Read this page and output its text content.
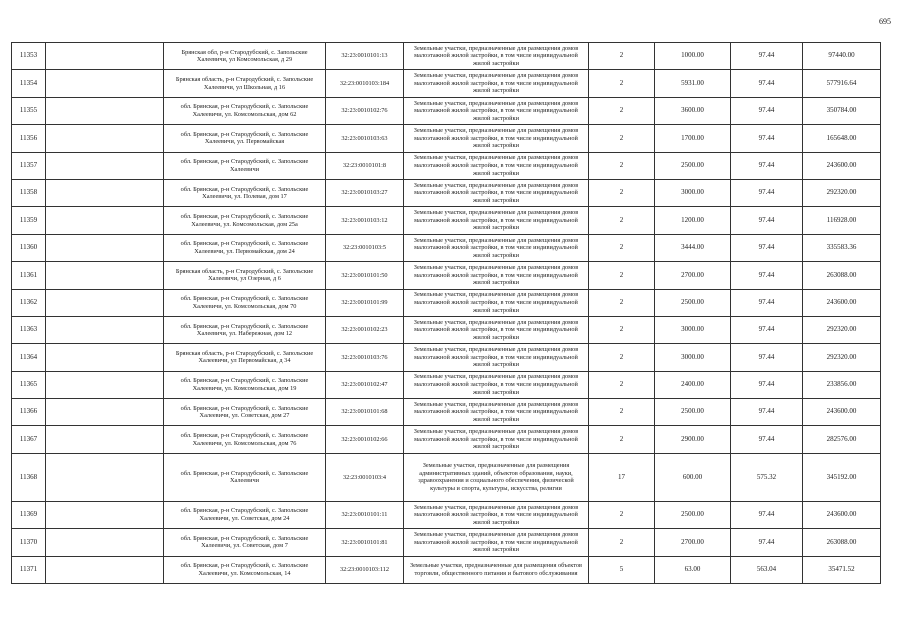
695
11353		Брянская обл, р-н Стародубский, с. Запольские Халеевичи, ул Комсомольская, д 29	32:23:0010101:13	Земельные участки, предназначенные для размещения домов малоэтажной жилой застройки, в том числе индивидуальной жилой застройки	2	1000.00	97.44	97440.00
11354		Брянская область, р-н Стародубский, с. Запольские Халеевичи, ул Школьная, д 16	32:23:0010103:184	Земельные участки, предназначенные для размещения домов малоэтажной жилой застройки, в том числе индивидуальной жилой застройки	2	5931.00	97.44	577916.64
11355		обл. Брянская, р-н Стародубский, с. Запольские Халеевичи, ул. Комсомольская, дом 62	32:23:0010102:76	Земельные участки, предназначенные для размещения домов малоэтажной жилой застройки, в том числе индивидуальной жилой застройки	2	3600.00	97.44	350784.00
11356		обл. Брянская, р-н Стародубский, с. Запольские Халеевичи, ул. Первомайская	32:23:0010103:63	Земельные участки, предназначенные для размещения домов малоэтажной жилой застройки, в том числе индивидуальной жилой застройки	2	1700.00	97.44	165648.00
11357		обл. Брянская, р-н Стародубский, с. Запольские Халеевичи	32:23:0010101:8	Земельные участки, предназначенные для размещения домов малоэтажной жилой застройки, в том числе индивидуальной жилой застройки	2	2500.00	97.44	243600.00
11358		обл. Брянская, р-н Стародубский, с. Запольские Халеевичи, ул. Полевая, дом 17	32:23:0010103:27	Земельные участки, предназначенные для размещения домов малоэтажной жилой застройки, в том числе индивидуальной жилой застройки	2	3000.00	97.44	292320.00
11359		обл. Брянская, р-н Стародубский, с. Запольские Халеевичи, ул. Комсомольская, дом 25а	32:23:0010103:12	Земельные участки, предназначенные для размещения домов малоэтажной жилой застройки, в том числе индивидуальной жилой застройки	2	1200.00	97.44	116928.00
11360		обл. Брянская, р-н Стародубский, с. Запольские Халеевичи, ул. Первомайская, дом 24	32:23:0010103:5	Земельные участки, предназначенные для размещения домов малоэтажной жилой застройки, в том числе индивидуальной жилой застройки	2	3444.00	97.44	335583.36
11361		Брянская область, р-н Стародубский, с. Запольские Халеевичи, ул Озерная, д 6	32:23:0010101:50	Земельные участки, предназначенные для размещения домов малоэтажной жилой застройки, в том числе индивидуальной жилой застройки	2	2700.00	97.44	263088.00
11362		обл. Брянская, р-н Стародубский, с. Запольские Халеевичи, ул. Комсомольская, дом 70	32:23:0010101:99	Земельные участки, предназначенные для размещения домов малоэтажной жилой застройки, в том числе индивидуальной жилой застройки	2	2500.00	97.44	243600.00
11363		обл. Брянская, р-н Стародубский, с. Запольские Халеевичи, ул. Набережная, дом 12	32:23:0010102:23	Земельные участки, предназначенные для размещения домов малоэтажной жилой застройки, в том числе индивидуальной жилой застройки	2	3000.00	97.44	292320.00
11364		Брянская область, р-н Стародубский, с. Запольские Халеевичи, ул Первомайская, д 34	32:23:0010103:76	Земельные участки, предназначенные для размещения домов малоэтажной жилой застройки, в том числе индивидуальной жилой застройки	2	3000.00	97.44	292320.00
11365		обл. Брянская, р-н Стародубский, с. Запольские Халеевичи, ул. Комсомольская, дом 19	32:23:0010102:47	Земельные участки, предназначенные для размещения домов малоэтажной жилой застройки, в том числе индивидуальной жилой застройки	2	2400.00	97.44	233856.00
11366		обл. Брянская, р-н Стародубский, с. Запольские Халеевичи, ул. Советская, дом 27	32:23:0010101:68	Земельные участки, предназначенные для размещения домов малоэтажной жилой застройки, в том числе индивидуальной жилой застройки	2	2500.00	97.44	243600.00
11367		обл. Брянская, р-н Стародубский, с. Запольские Халеевичи, ул. Комсомольская, дом 76	32:23:0010102:66	Земельные участки, предназначенные для размещения домов малоэтажной жилой застройки, в том числе индивидуальной жилой застройки	2	2900.00	97.44	282576.00
11368		обл. Брянская, р-н Стародубский, с. Запольские Халеевичи	32:23:0010103:4	Земельные участки, предназначенные для размещения административных зданий, объектов образования, науки, здравоохранения и социального обеспечения, физической культуры и спорта, культуры, искусства, религии	17	600.00	575.32	345192.00
11369		обл. Брянская, р-н Стародубский, с. Запольские Халеевичи, ул. Советская, дом 24	32:23:0010101:11	Земельные участки, предназначенные для размещения домов малоэтажной жилой застройки, в том числе индивидуальной жилой застройки	2	2500.00	97.44	243600.00
11370		обл. Брянская, р-н Стародубский, с. Запольские Халеевичи, ул. Советская, дом 7	32:23:0010101:81	Земельные участки, предназначенные для размещения домов малоэтажной жилой застройки, в том числе индивидуальной жилой застройки	2	2700.00	97.44	263088.00
11371		обл. Брянская, р-н Стародубский, с. Запольские Халеевичи, ул. Комсомольская, 14	32:23:0010103:112	Земельные участки, предназначенные для размещения объектов торговли, общественного питания и бытового обслуживания	5	63.00	563.04	35471.52
